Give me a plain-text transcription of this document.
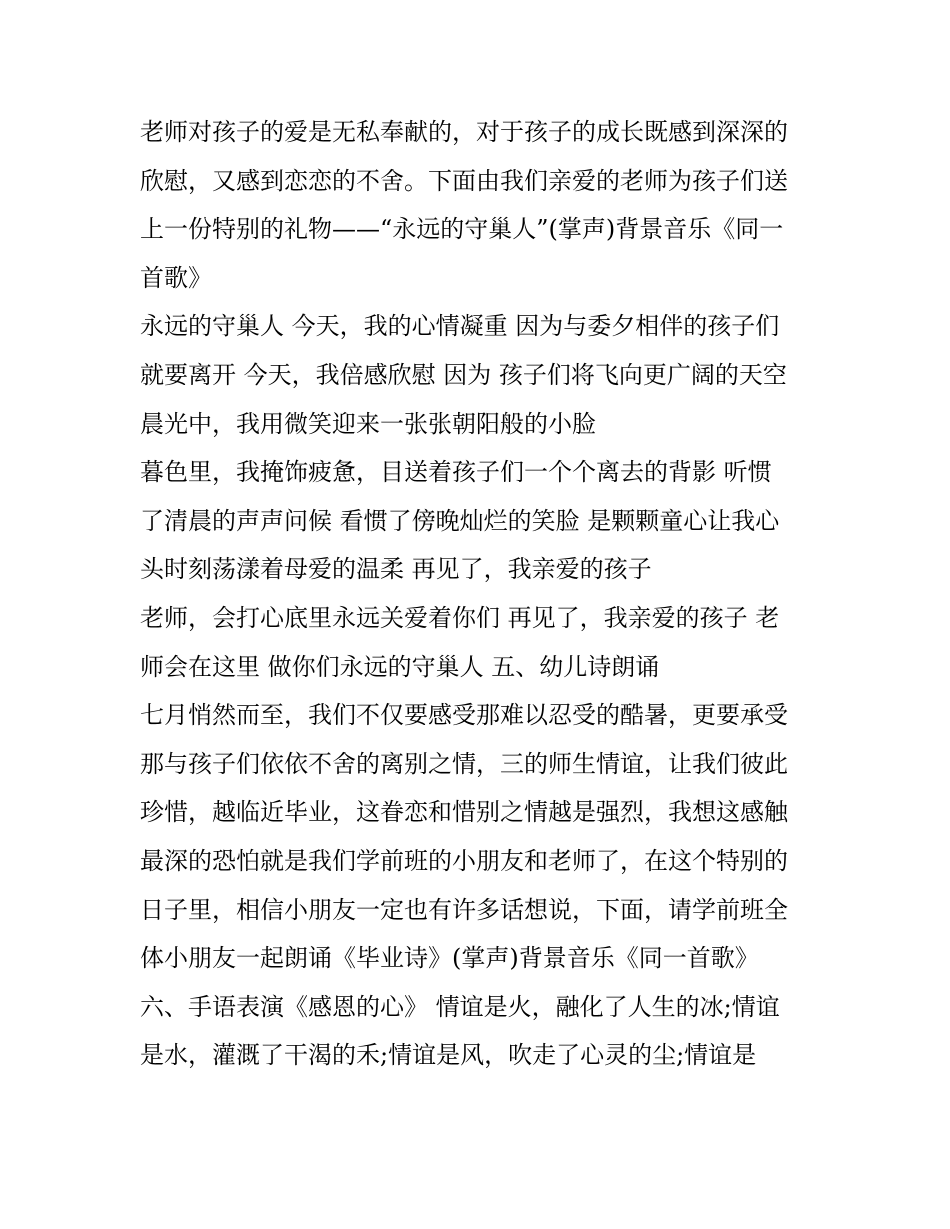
老师对孩子的爱是无私奉献的，对于孩子的成长既感到深深的

欣慰，又感到恋恋的不舍。下面由我们亲爱的老师为孩子们送

上一份特别的礼物——“永远的守巢人”(掌声)背景音乐《同一

首歌》

永远的守巢人 今天，我的心情凝重 因为与委夕相伴的孩子们

就要离开 今天，我倍感欣慰 因为 孩子们将飞向更广阔的天空

晨光中，我用微笑迎来一张张朝阳般的小脸

暮色里，我掩饰疲惫，目送着孩子们一个个离去的背影 听惯

了清晨的声声问候 看惯了傍晚灿烂的笑脸 是颗颗童心让我心

头时刻荡漾着母爱的温柔 再见了，我亲爱的孩子

老师，会打心底里永远关爱着你们 再见了，我亲爱的孩子 老

师会在这里 做你们永远的守巢人 五、幼儿诗朗诵

七月悄然而至，我们不仅要感受那难以忍受的酷暑，更要承受

那与孩子们依依不舍的离别之情，三的师生情谊，让我们彼此

珍惜，越临近毕业，这眷恋和惜别之情越是强烈，我想这感触

最深的恐怕就是我们学前班的小朋友和老师了，在这个特别的

日子里，相信小朋友一定也有许多话想说，下面，请学前班全

体小朋友一起朗诵《毕业诗》(掌声)背景音乐《同一首歌》

六、手语表演《感恩的心》 情谊是火，融化了人生的冰;情谊

是水，灌溉了干渴的禾;情谊是风，吹走了心灵的尘;情谊是
